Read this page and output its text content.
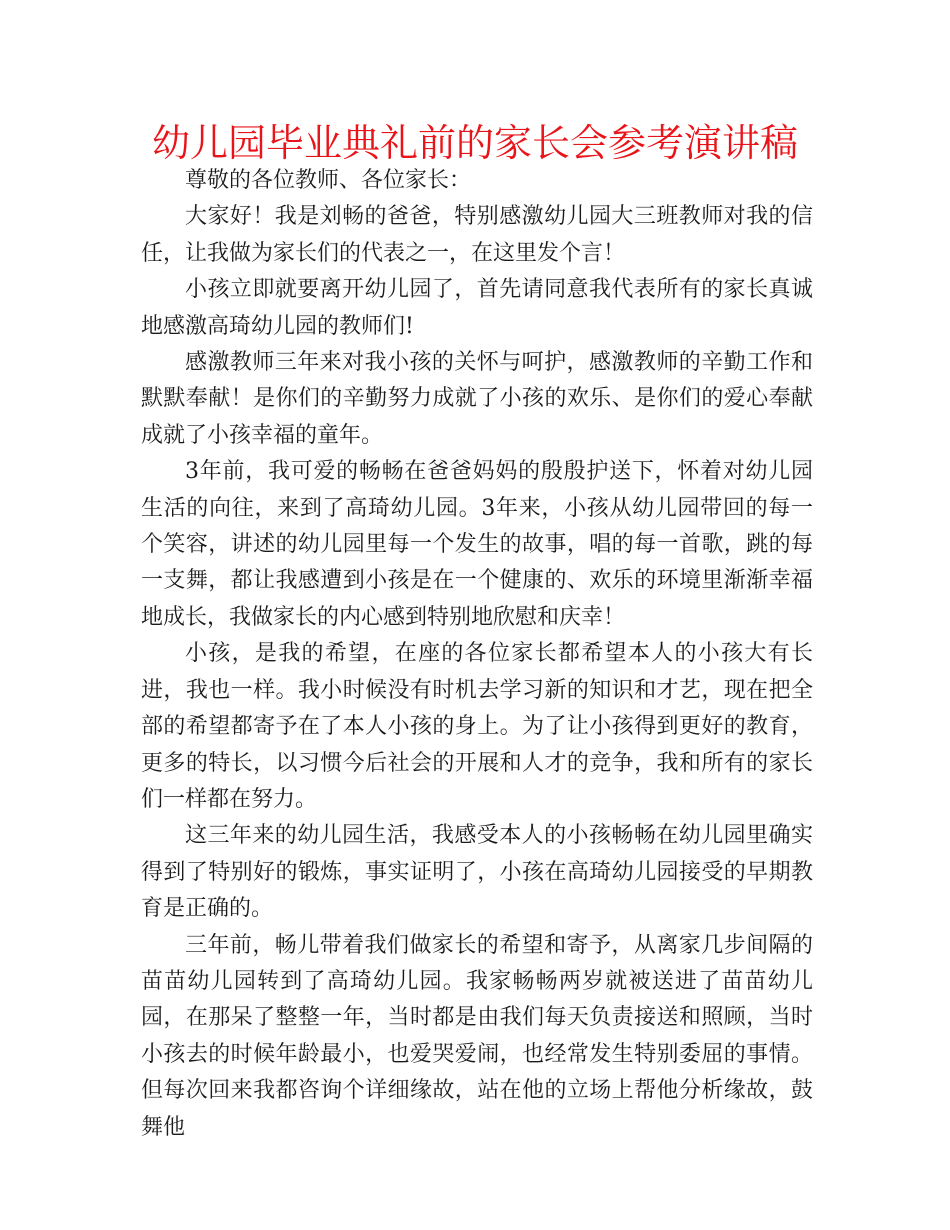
幼儿园毕业典礼前的家长会参考演讲稿

尊敬的各位教师、各位家长：

大家好！我是刘畅的爸爸，特别感激幼儿园大三班教师对我的信任，让我做为家长们的代表之一，在这里发个言！

小孩立即就要离开幼儿园了，首先请同意我代表所有的家长真诚地感激高琦幼儿园的教师们!

感激教师三年来对我小孩的关怀与呵护，感激教师的辛勤工作和默默奉献！是你们的辛勤努力成就了小孩的欢乐、是你们的爱心奉献成就了小孩幸福的童年。

3年前，我可爱的畅畅在爸爸妈妈的殷殷护送下，怀着对幼儿园生活的向往，来到了高琦幼儿园。3年来，小孩从幼儿园带回的每一个笑容，讲述的幼儿园里每一个发生的故事，唱的每一首歌，跳的每一支舞，都让我感遭到小孩是在一个健康的、欢乐的环境里渐渐幸福地成长，我做家长的内心感到特别地欣慰和庆幸！

小孩，是我的希望，在座的各位家长都希望本人的小孩大有长进，我也一样。我小时候没有时机去学习新的知识和才艺，现在把全部的希望都寄予在了本人小孩的身上。为了让小孩得到更好的教育，更多的特长，以习惯今后社会的开展和人才的竞争，我和所有的家长们一样都在努力。

这三年来的幼儿园生活，我感受本人的小孩畅畅在幼儿园里确实得到了特别好的锻炼，事实证明了，小孩在高琦幼儿园接受的早期教育是正确的。

三年前，畅儿带着我们做家长的希望和寄予，从离家几步间隔的苗苗幼儿园转到了高琦幼儿园。我家畅畅两岁就被送进了苗苗幼儿园，在那呆了整整一年，当时都是由我们每天负责接送和照顾，当时小孩去的时候年龄最小，也爱哭爱闹，也经常发生特别委屈的事情。但每次回来我都咨询个详细缘故，站在他的立场上帮他分析缘故，鼓舞他
